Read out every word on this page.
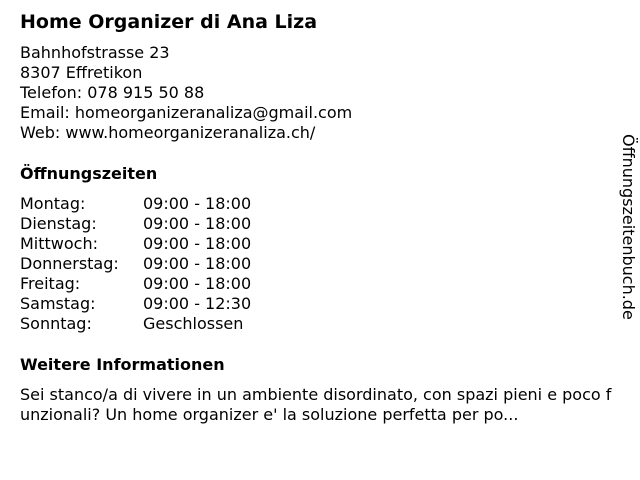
Home Organizer di Ana Liza
Bahnhofstrasse 23
8307 Effretikon
Telefon: 078 915 50 88
Email: homeorganizeranaliza@gmail.com
Web: www.homeorganizeranaliza.ch/
Öffnungszeiten
Montag:	09:00 - 18:00
Dienstag:	09:00 - 18:00
Mittwoch:	09:00 - 18:00
Donnerstag:	09:00 - 18:00
Freitag:	09:00 - 18:00
Samstag:	09:00 - 12:30
Sonntag:	Geschlossen
Weitere Informationen
Sei stanco/a di vivere in un ambiente disordinato, con spazi pieni e poco funzionali? Un home organizer e' la soluzione perfetta per po...
Öffnungszeitenbuch.de
